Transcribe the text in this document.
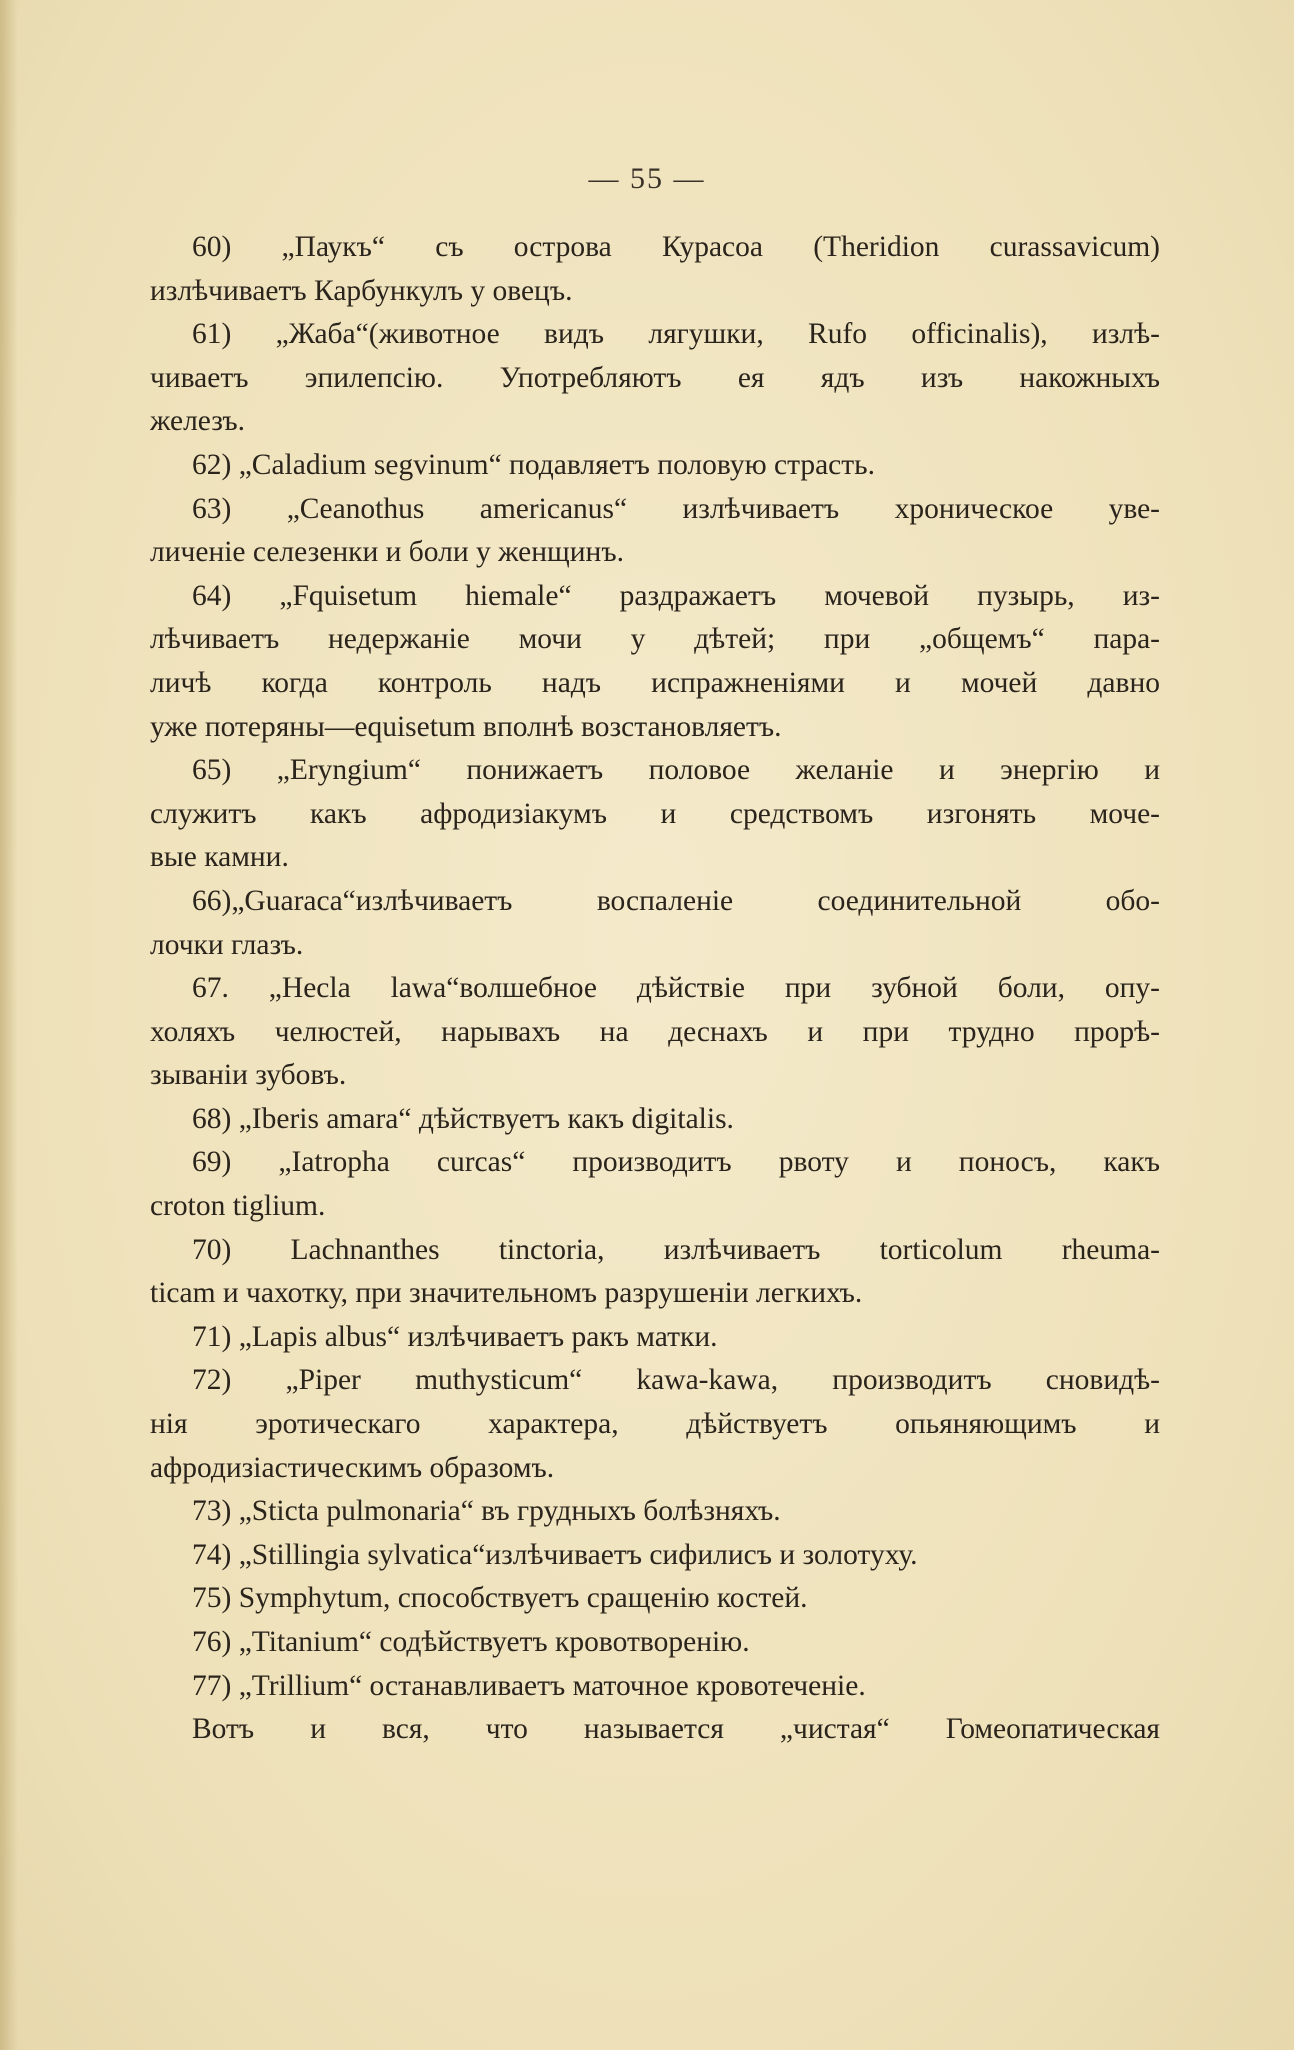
— 55 —
60) „Паукъ“ съ острова Курасоа (Theridion curassavicum)
излѣчиваетъ Карбункулъ у овецъ.
61) „Жаба“(животное видъ лягушки, Rufo officinalis), излѣ-
чиваетъ эпилепсію. Употребляютъ ея ядъ изъ накожныхъ
железъ.
62) „Caladium segvinum“ подавляетъ половую страсть.
63) „Ceanothus americanus“ излѣчиваетъ хроническое уве-
личеніе селезенки и боли у женщинъ.
64) „Fquisetum hiemale“ раздражаетъ мочевой пузырь, из-
лѣчиваетъ недержаніе мочи у дѣтей; при „общемъ“ пара-
личѣ когда контроль надъ испражненіями и мочей давно
уже потеряны—equisetum вполнѣ возстановляетъ.
65) „Eryngium“ понижаетъ половое желаніе и энергію и
служитъ какъ афродизіакумъ и средствомъ изгонять моче-
вые камни.
66)„Guaraca“излѣчиваетъ воспаленіе соединительной обо-
лочки глазъ.
67. „Hecla lawa“волшебное дѣйствіе при зубной боли, опу-
холяхъ челюстей, нарывахъ на деснахъ и при трудно прорѣ-
зываніи зубовъ.
68) „Iberis amara“ дѣйствуетъ какъ digitalis.
69) „Iatropha curcas“ производитъ рвоту и поносъ, какъ
croton tiglium.
70) Lachnanthes tinctoria, излѣчиваетъ torticolum rheuma-
ticam и чахотку, при значительномъ разрушеніи легкихъ.
71) „Lapis albus“ излѣчиваетъ ракъ матки.
72) „Piper muthysticum“ kawa-kawa, производитъ сновидѣ-
нія эротическаго характера, дѣйствуетъ опьяняющимъ и
афродизіастическимъ образомъ.
73) „Sticta pulmonaria“ въ грудныхъ болѣзняхъ.
74) „Stillingia sylvatica“излѣчиваетъ сифилисъ и золотуху.
75) Symphytum, способствуетъ сращенію костей.
76) „Titanium“ содѣйствуетъ кровотворенію.
77) „Trillium“ останавливаетъ маточное кровотеченіе.
Вотъ и вся, что называется „чистая“ Гомеопатическая
